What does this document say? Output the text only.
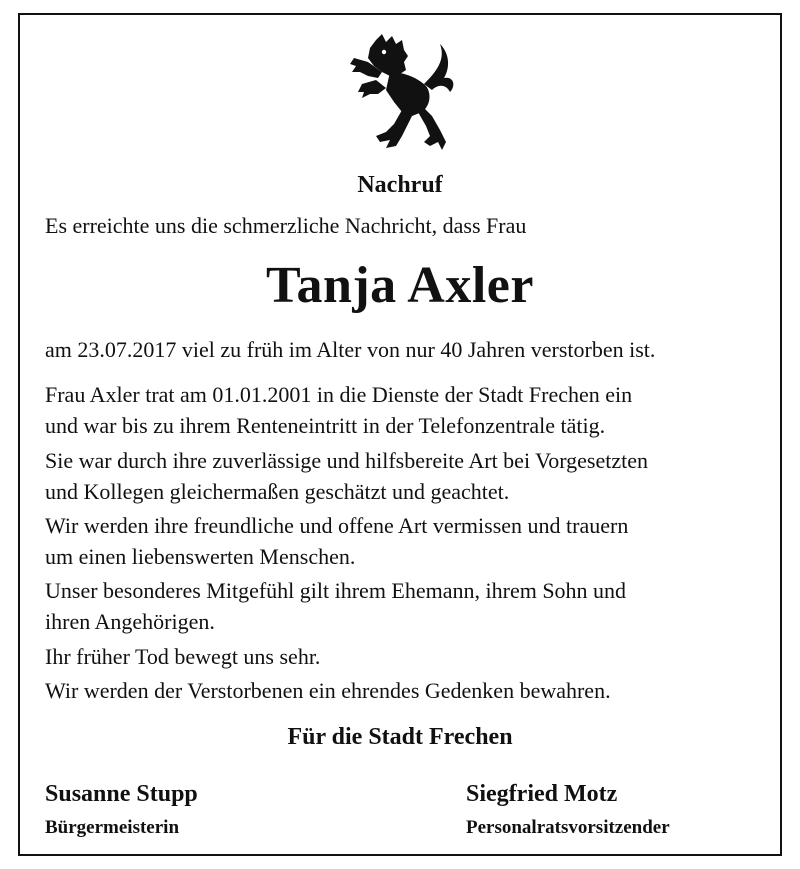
Nachruf
Es erreichte uns die schmerzliche Nachricht, dass Frau
Tanja Axler
am 23.07.2017 viel zu früh im Alter von nur 40 Jahren verstorben ist.
Frau Axler trat am 01.01.2001 in die Dienste der Stadt Frechen ein
und war bis zu ihrem Renteneintritt in der Telefonzentrale tätig.
Sie war durch ihre zuverlässige und hilfsbereite Art bei Vorgesetzten
und Kollegen gleichermaßen geschätzt und geachtet.
Wir werden ihre freundliche und offene Art vermissen und trauern
um einen liebenswerten Menschen.
Unser besonderes Mitgefühl gilt ihrem Ehemann, ihrem Sohn und
ihren Angehörigen.
Ihr früher Tod bewegt uns sehr.
Wir werden der Verstorbenen ein ehrendes Gedenken bewahren.
Für die Stadt Frechen
Susanne Stupp
Bürgermeisterin
Siegfried Motz
Personalratsvorsitzender
